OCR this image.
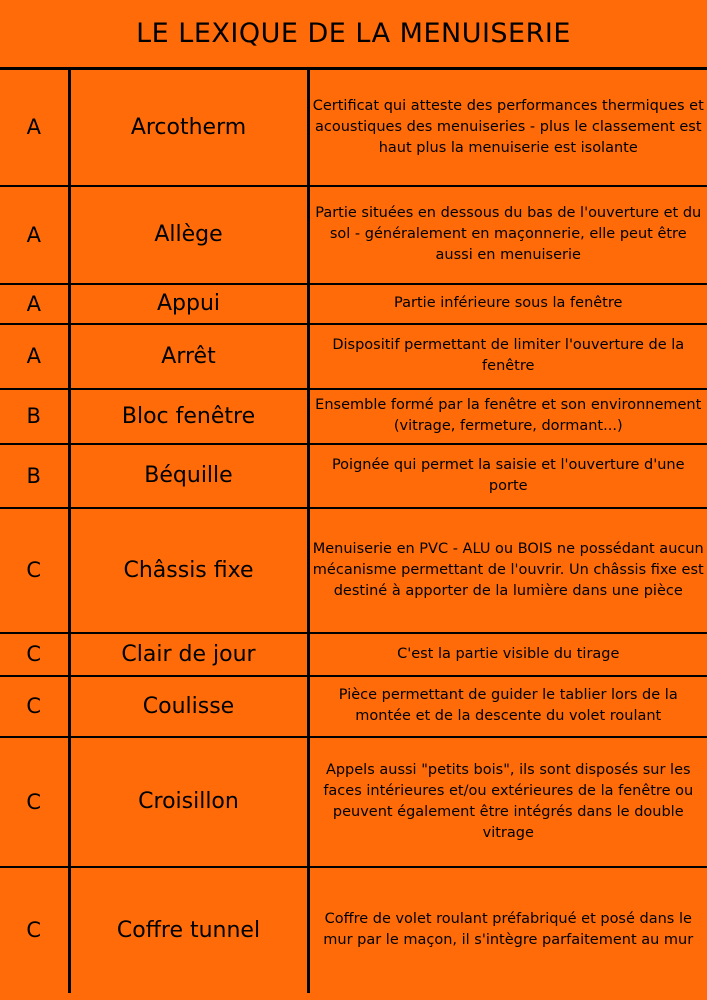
LE LEXIQUE DE LA MENUISERIE
A	Arcotherm	Certificat qui atteste des performances thermiques et acoustiques des menuiseries - plus le classement est haut plus la menuiserie est isolante
A	Allège	Partie situées en dessous du bas de l'ouverture et du sol - généralement en maçonnerie, elle peut être aussi en menuiserie
A	Appui	Partie inférieure sous la fenêtre
A	Arrêt	Dispositif permettant de limiter l'ouverture de la fenêtre
B	Bloc fenêtre	Ensemble formé par la fenêtre et son environnement (vitrage, fermeture, dormant...)
B	Béquille	Poignée qui permet la saisie et l'ouverture d'une porte
C	Châssis fixe	Menuiserie en PVC - ALU ou BOIS ne possédant aucun mécanisme permettant de l'ouvrir. Un châssis fixe est destiné à apporter de la lumière dans une pièce
C	Clair de jour	C'est la partie visible du tirage
C	Coulisse	Pièce permettant de guider le tablier lors de la montée et de la descente du volet roulant
C	Croisillon	Appels aussi "petits bois", ils sont disposés sur les faces intérieures et/ou extérieures de la fenêtre ou peuvent également être intégrés dans le double vitrage
C	Coffre tunnel	Coffre de volet roulant préfabriqué et posé dans le mur par le maçon, il s'intègre parfaitement au mur
